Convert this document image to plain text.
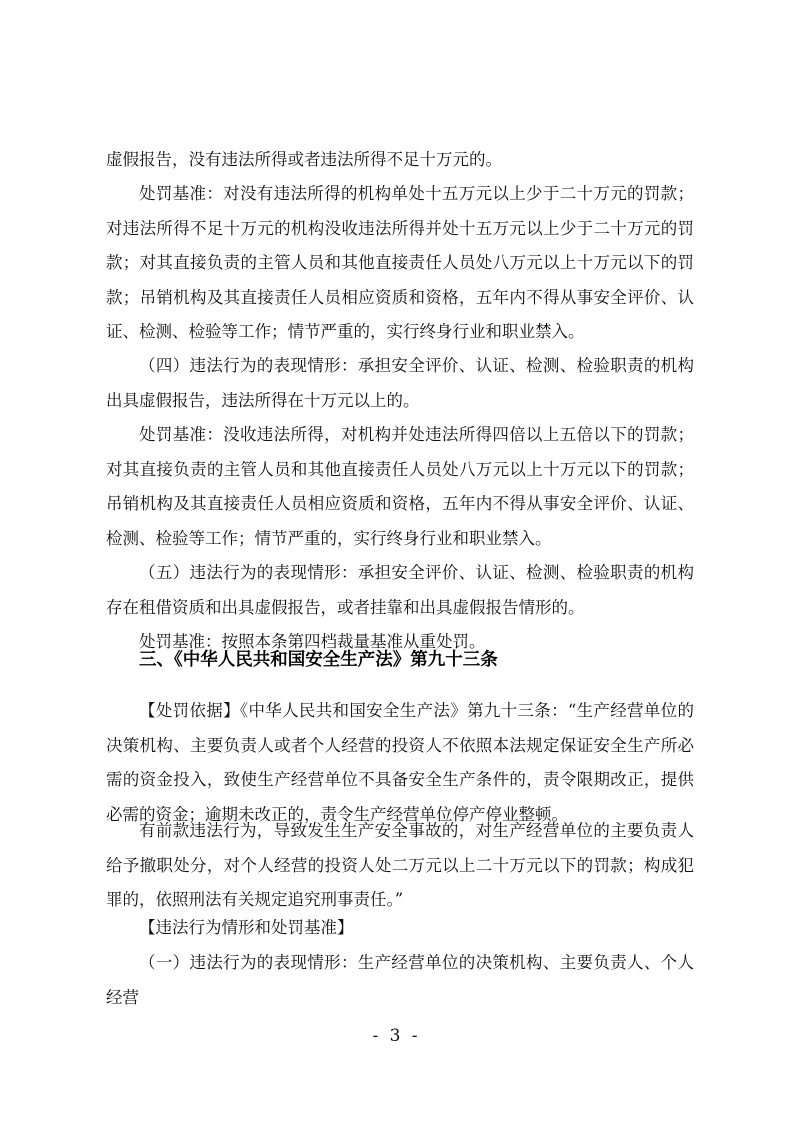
虚假报告，没有违法所得或者违法所得不足十万元的。

处罚基准：对没有违法所得的机构单处十五万元以上少于二十万元的罚款；对违法所得不足十万元的机构没收违法所得并处十五万元以上少于二十万元的罚款；对其直接负责的主管人员和其他直接责任人员处八万元以上十万元以下的罚款；吊销机构及其直接责任人员相应资质和资格，五年内不得从事安全评价、认证、检测、检验等工作；情节严重的，实行终身行业和职业禁入。

（四）违法行为的表现情形：承担安全评价、认证、检测、检验职责的机构出具虚假报告，违法所得在十万元以上的。

处罚基准：没收违法所得，对机构并处违法所得四倍以上五倍以下的罚款；对其直接负责的主管人员和其他直接责任人员处八万元以上十万元以下的罚款；吊销机构及其直接责任人员相应资质和资格，五年内不得从事安全评价、认证、检测、检验等工作；情节严重的，实行终身行业和职业禁入。

（五）违法行为的表现情形：承担安全评价、认证、检测、检验职责的机构存在租借资质和出具虚假报告，或者挂靠和出具虚假报告情形的。

处罚基准：按照本条第四档裁量基准从重处罚。

三、《中华人民共和国安全生产法》第九十三条

【处罚依据】《中华人民共和国安全生产法》第九十三条：“生产经营单位的决策机构、主要负责人或者个人经营的投资人不依照本法规定保证安全生产所必需的资金投入，致使生产经营单位不具备安全生产条件的，责令限期改正，提供必需的资金；逾期未改正的，责令生产经营单位停产停业整顿。

有前款违法行为，导致发生生产安全事故的，对生产经营单位的主要负责人给予撤职处分，对个人经营的投资人处二万元以上二十万元以下的罚款；构成犯罪的，依照刑法有关规定追究刑事责任。”

【违法行为情形和处罚基准】

（一）违法行为的表现情形：生产经营单位的决策机构、主要负责人、个人经营

- 3 -
